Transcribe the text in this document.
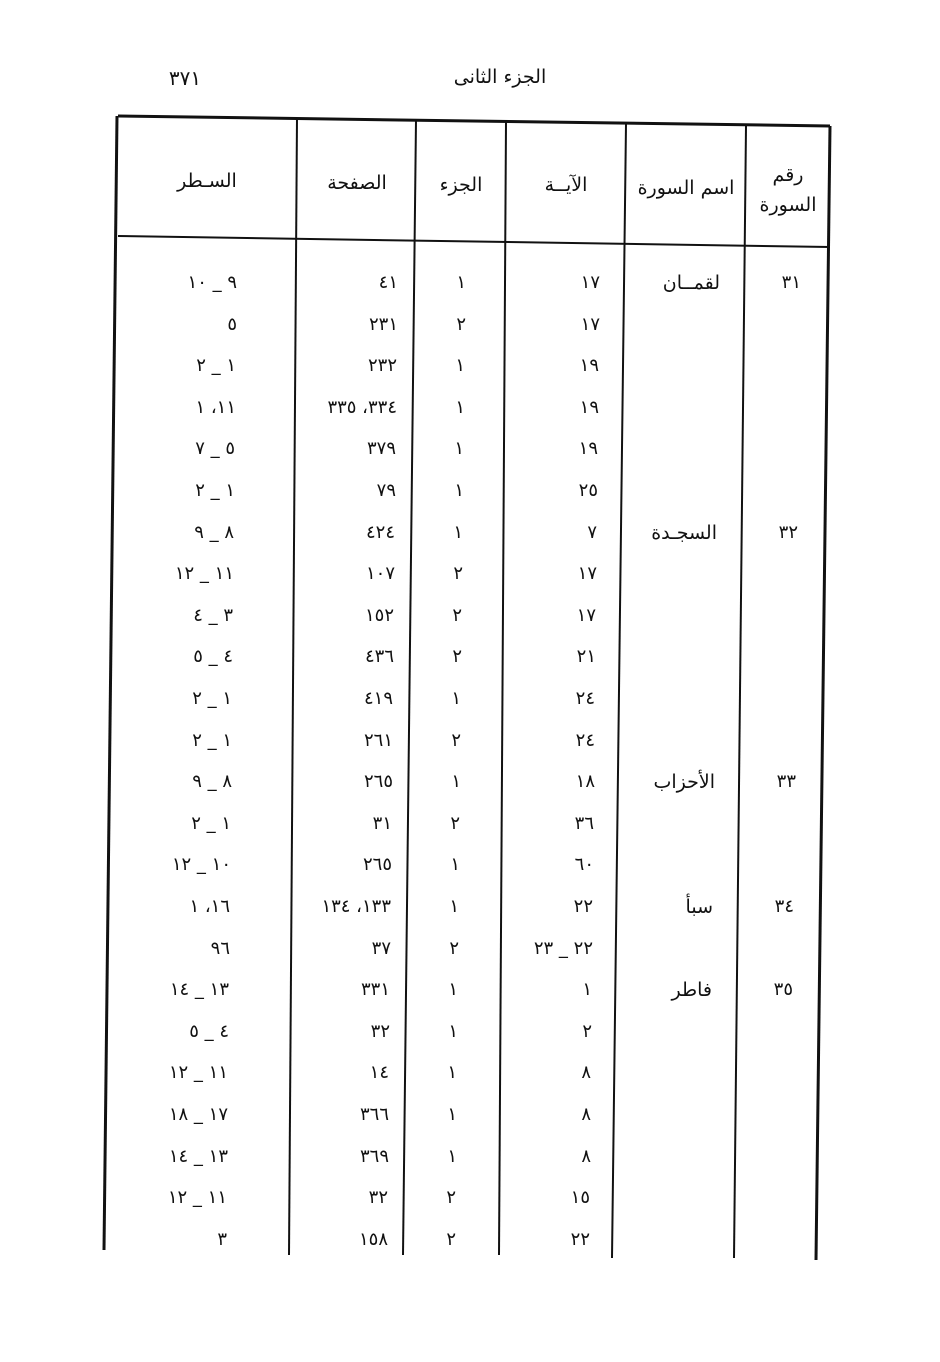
الجزء الثانى
٣٧١
رقم السورة
اسم السورة
الآيــة
الجزء
الصفحة
السـطر
٣١
لقمــان
١٧
١
٤١
٩ _ ١٠
١٧
٢
٢٣١
٥
١٩
١
٢٣٢
١ _ ٢
١٩
١
٣٣٤، ٣٣٥
١١، ١
١٩
١
٣٧٩
٥ _ ٧
٢٥
١
٧٩
١ _ ٢
٣٢
السجـدة
٧
١
٤٢٤
٨ _ ٩
١٧
٢
١٠٧
١١ _ ١٢
١٧
٢
١٥٢
٣ _ ٤
٢١
٢
٤٣٦
٤ _ ٥
٢٤
١
٤١٩
١ _ ٢
٢٤
٢
٢٦١
١ _ ٢
٣٣
الأحزاب
١٨
١
٢٦٥
٨ _ ٩
٣٦
٢
٣١
١ _ ٢
٦٠
١
٢٦٥
١٠ _ ١٢
٣٤
سبأ
٢٢
١
١٣٣، ١٣٤
١٦، ١
٢٢ _ ٢٣
٢
٣٧
٩٦
٣٥
فاطر
١
١
٣٣١
١٣ _ ١٤
٢
١
٣٢
٤ _ ٥
٨
١
١٤
١١ _ ١٢
٨
١
٣٦٦
١٧ _ ١٨
٨
١
٣٦٩
١٣ _ ١٤
١٥
٢
٣٢
١١ _ ١٢
٢٢
٢
١٥٨
٣
